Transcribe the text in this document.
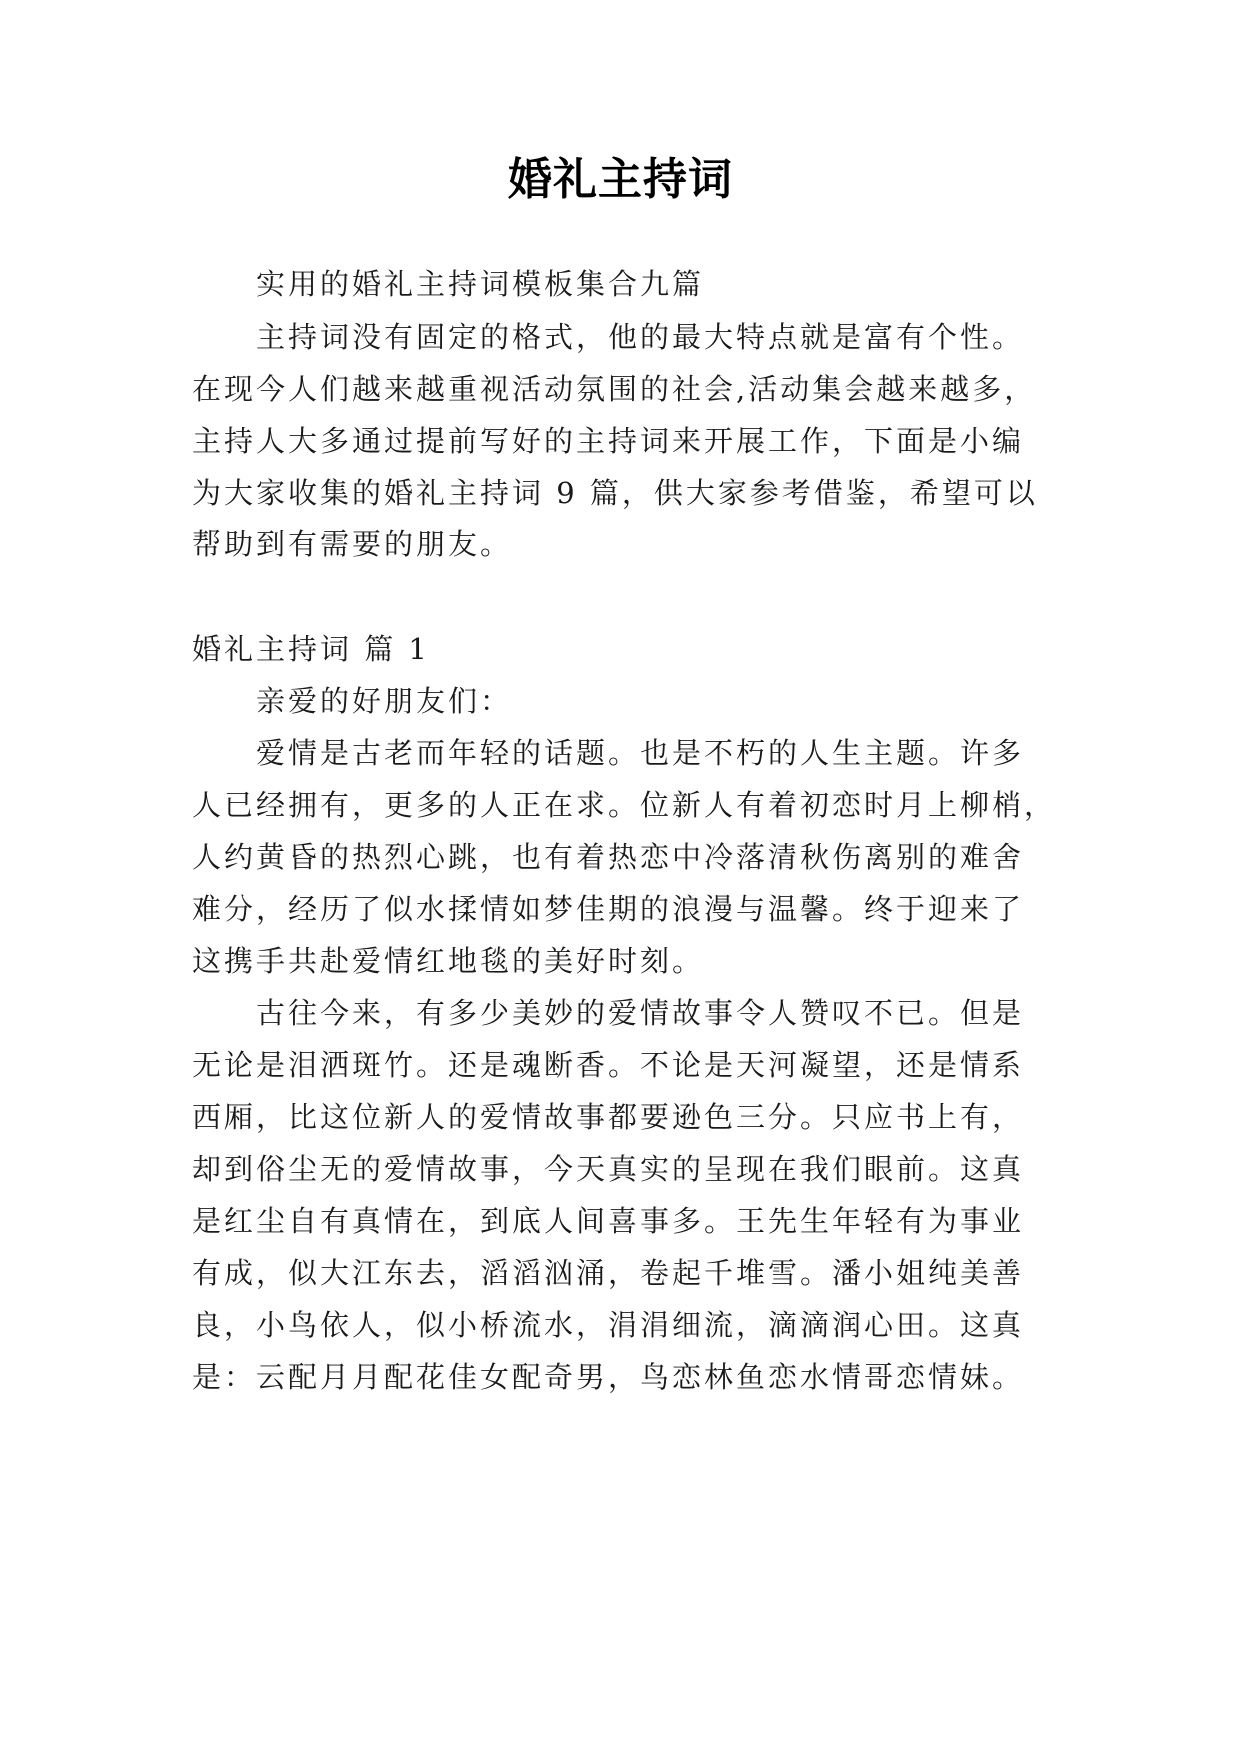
婚礼主持词

实用的婚礼主持词模板集合九篇

主持词没有固定的格式，他的最大特点就是富有个性。

在现今人们越来越重视活动氛围的社会,活动集会越来越多，

主持人大多通过提前写好的主持词来开展工作，下面是小编

为大家收集的婚礼主持词 9 篇，供大家参考借鉴，希望可以

帮助到有需要的朋友。

婚礼主持词 篇 1

亲爱的好朋友们：

爱情是古老而年轻的话题。也是不朽的人生主题。许多

人已经拥有，更多的人正在求。位新人有着初恋时月上柳梢，

人约黄昏的热烈心跳，也有着热恋中冷落清秋伤离别的难舍

难分，经历了似水揉情如梦佳期的浪漫与温馨。终于迎来了

这携手共赴爱情红地毯的美好时刻。

古往今来，有多少美妙的爱情故事令人赞叹不已。但是

无论是泪洒斑竹。还是魂断香。不论是天河凝望，还是情系

西厢，比这位新人的爱情故事都要逊色三分。只应书上有，

却到俗尘无的爱情故事，今天真实的呈现在我们眼前。这真

是红尘自有真情在，到底人间喜事多。王先生年轻有为事业

有成，似大江东去，滔滔汹涌，卷起千堆雪。潘小姐纯美善

良，小鸟依人，似小桥流水，涓涓细流，滴滴润心田。这真

是：云配月月配花佳女配奇男，鸟恋林鱼恋水情哥恋情妹。
